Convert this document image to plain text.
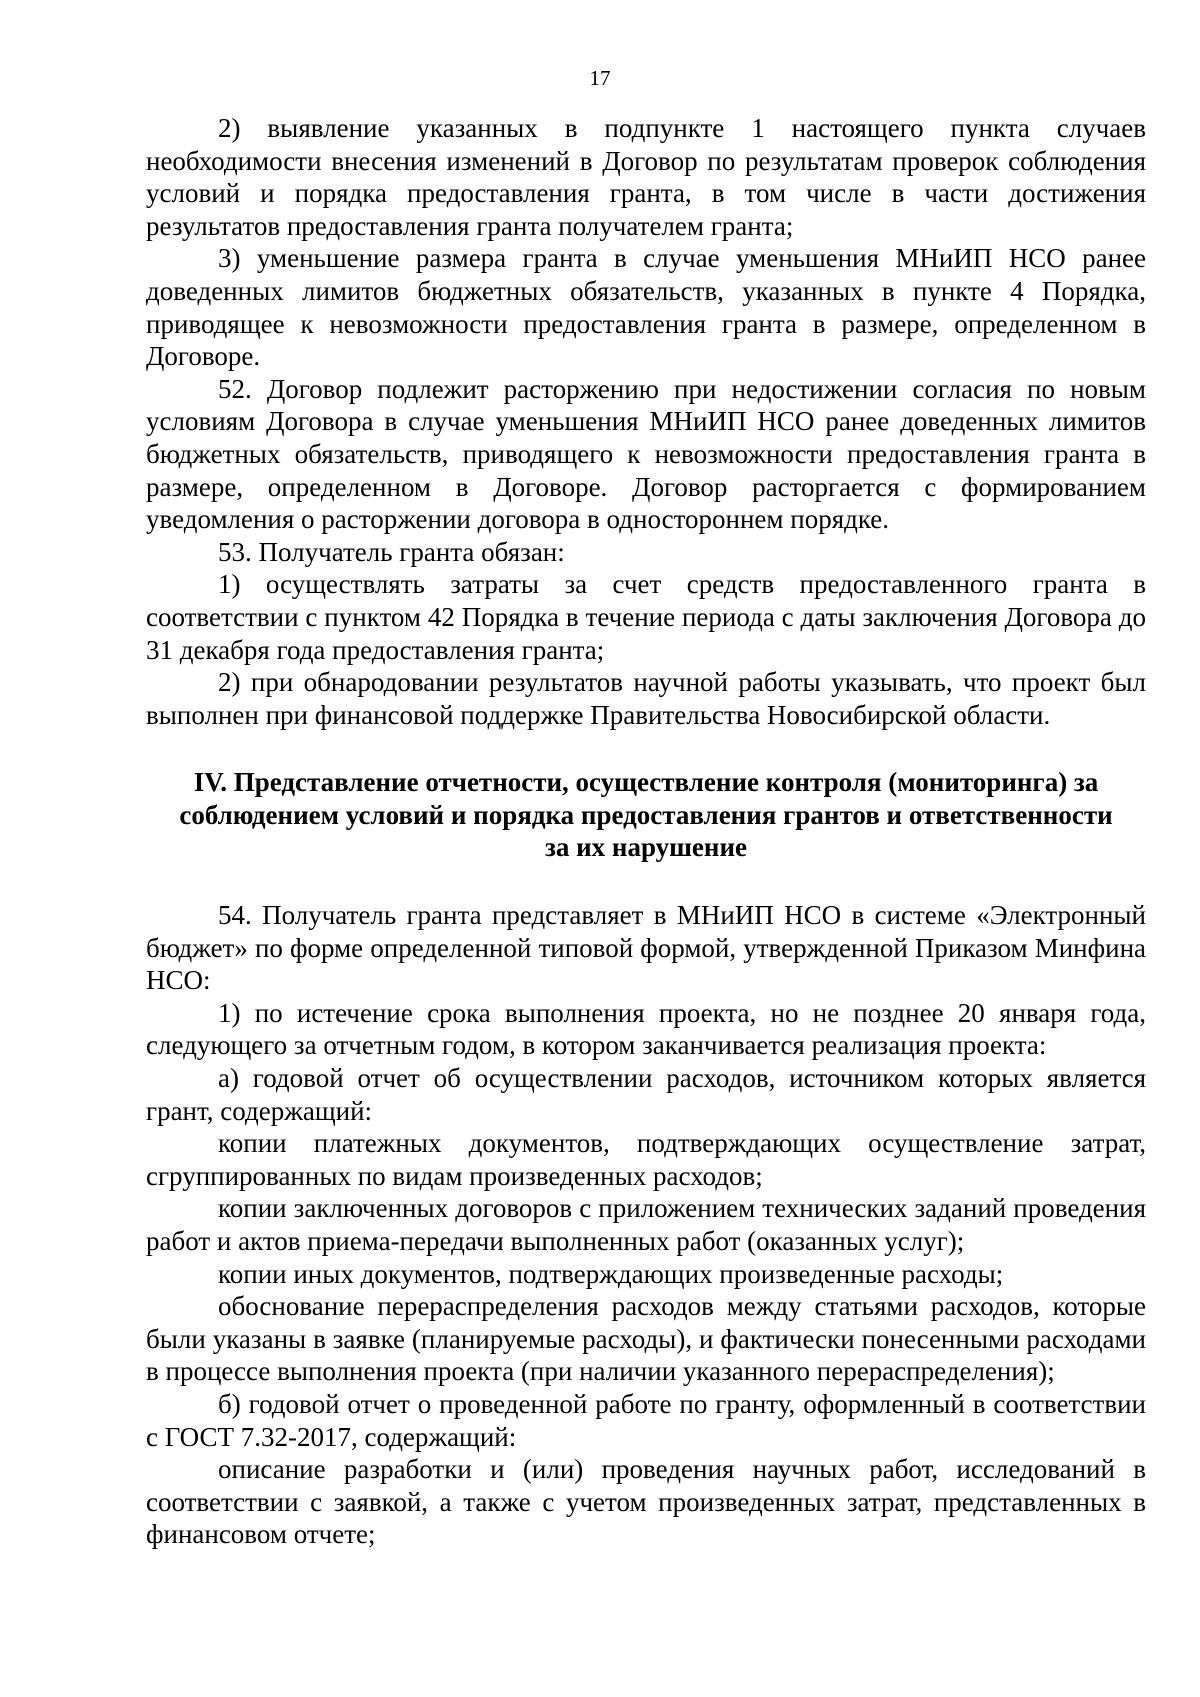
17

2) выявление указанных в подпункте 1 настоящего пункта случаев необходимости внесения изменений в Договор по результатам проверок соблюдения условий и порядка предоставления гранта, в том числе в части достижения результатов предоставления гранта получателем гранта;

3) уменьшение размера гранта в случае уменьшения МНиИП НСО ранее доведенных лимитов бюджетных обязательств, указанных в пункте 4 Порядка, приводящее к невозможности предоставления гранта в размере, определенном в Договоре.

52. Договор подлежит расторжению при недостижении согласия по новым условиям Договора в случае уменьшения МНиИП НСО ранее доведенных лимитов бюджетных обязательств, приводящего к невозможности предоставления гранта в размере, определенном в Договоре. Договор расторгается с формированием уведомления о расторжении договора в одностороннем порядке.

53. Получатель гранта обязан:

1) осуществлять затраты за счет средств предоставленного гранта в соответствии с пунктом 42 Порядка в течение периода с даты заключения Договора до 31 декабря года предоставления гранта;

2) при обнародовании результатов научной работы указывать, что проект был выполнен при финансовой поддержке Правительства Новосибирской области.

IV. Представление отчетности, осуществление контроля (мониторинга) за
соблюдением условий и порядка предоставления грантов и ответственности
за их нарушение

54. Получатель гранта представляет в МНиИП НСО в системе «Электронный бюджет» по форме определенной типовой формой, утвержденной Приказом Минфина НСО:

1) по истечение срока выполнения проекта, но не позднее 20 января года, следующего за отчетным годом, в котором заканчивается реализация проекта:

а) годовой отчет об осуществлении расходов, источником которых является грант, содержащий:

копии платежных документов, подтверждающих осуществление затрат, сгруппированных по видам произведенных расходов;

копии заключенных договоров с приложением технических заданий проведения работ и актов приема-передачи выполненных работ (оказанных услуг);

копии иных документов, подтверждающих произведенные расходы;

обоснование перераспределения расходов между статьями расходов, которые были указаны в заявке (планируемые расходы), и фактически понесенными расходами в процессе выполнения проекта (при наличии указанного перераспределения);

б) годовой отчет о проведенной работе по гранту, оформленный в соответствии с ГОСТ 7.32-2017, содержащий:

описание разработки и (или) проведения научных работ, исследований в соответствии с заявкой, а также с учетом произведенных затрат, представленных в финансовом отчете;
